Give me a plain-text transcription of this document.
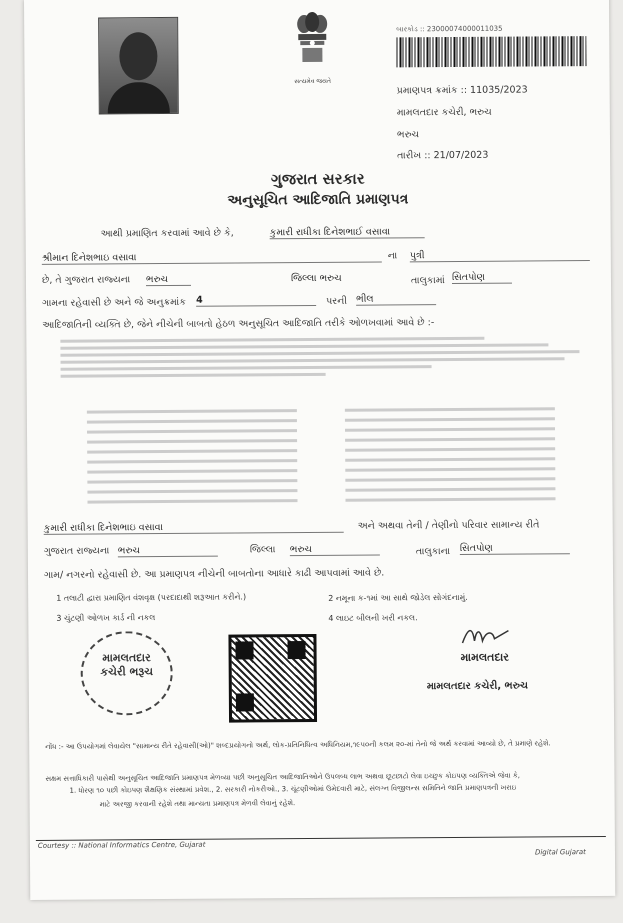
સત્યમેવ જયતે
બારકોડ :: 23000074000011035
પ્રમાણપત્ર ક્રમાંક :: 11035/2023
મામલતદાર કચેરી, ભરુચ
ભરુચ
તારીખ :: 21/07/2023
ગુજરાત સરકાર
અનુસૂચિત આદિજાતિ પ્રમાણપત્ર
આથી પ્રમાણિત કરવામાં આવે છે કે,	કુમારી રાધીકા દિનેશભાઈ વસાવા
શ્રીમાન દિનેશભાઇ વસાવા	ના પુત્રી
છે, તે ગુજરાત રાજ્યના ભરુચ	જિલ્લા ભરુચ	તાલુકામાં સિતપોણ
ગામના રહેવાસી છે અને જે અનુક્રમાંક 4	પરની ભીલ
આદિજાતિની વ્યક્તિ છે, જેને નીચેની બાબતો હેઠળ અનુસૂચિત આદિજાતિ તરીકે ઓળખવામાં આવે છે :-
કુમારી રાધીકા દિનેશભાઇ વસાવા	અને અથવા તેની / તેણીનો પરિવાર સામાન્ય રીતે
ગુજરાત રાજ્યના ભરુચ	જિલ્લા ભરુચ	તાલુકાના સિતપોણ
ગામ/ નગરનો રહેવાસી છે. આ પ્રમાણપત્ર નીચેની બાબતોના આધારે કાઢી આપવામાં આવે છે.
1 તલાટી દ્વારા પ્રમાણિત વંશવૃક્ષ (પરદાદાથી શરૂઆત કરીને.)	2 નમૂના ક-૧માં આ સાથે જોડેલ સોગંદનામું.
3 ચુંટણી ઓળખ કાર્ડ ની નકલ	4 લાઇટ બીલની ખરી નકલ.
મામલતદાર
કચેરી ભરૂચ
મામલતદાર
મામલતદાર કચેરી, ભરુચ
નોંધ :- આ ઉપયોગમાં લેવાયેલ "સામાન્ય રીતે રહેવાસી(ઓ)" શબ્દપ્રયોગનો અર્થ, લોક-પ્રતિનિધિત્વ અધિનિયમ,૧૯૫૦ની કલમ ૨૦-માં તેનો જે અર્થ કરવામાં આવ્યો છે, તે પ્રમાણે રહેશે.
સક્ષમ સત્તાધિકારી પાસેથી અનુસૂચિત આદિજાતિ પ્રમાણપત્ર મેળવ્યા પછી અનુસૂચિત આદિજાતિઓને ઉપલબ્ધ લાભ અથવા છૂટછાટો લેવા ઇચ્છુક કોઇપણ વ્યક્તિએ જેવા કે,
1. ધોરણ ૧૦ પછી કોઇપણ શૈક્ષણિક સંસ્થામાં પ્રવેશ., 2. સરકારી નોકરીઓ., 3. ચૂંટણીઓમાં ઉમેદવારી માટે, સંલગ્ન વિજીલન્સ સમિતિને જાતિ પ્રમાણપત્રની ખરાઇ
માટે અરજી કરવાની રહેશે તથા માન્યતા પ્રમાણપત્ર મેળવી લેવાનું રહેશે.
Courtesy :: National Informatics Centre, Gujarat
Digital Gujarat
